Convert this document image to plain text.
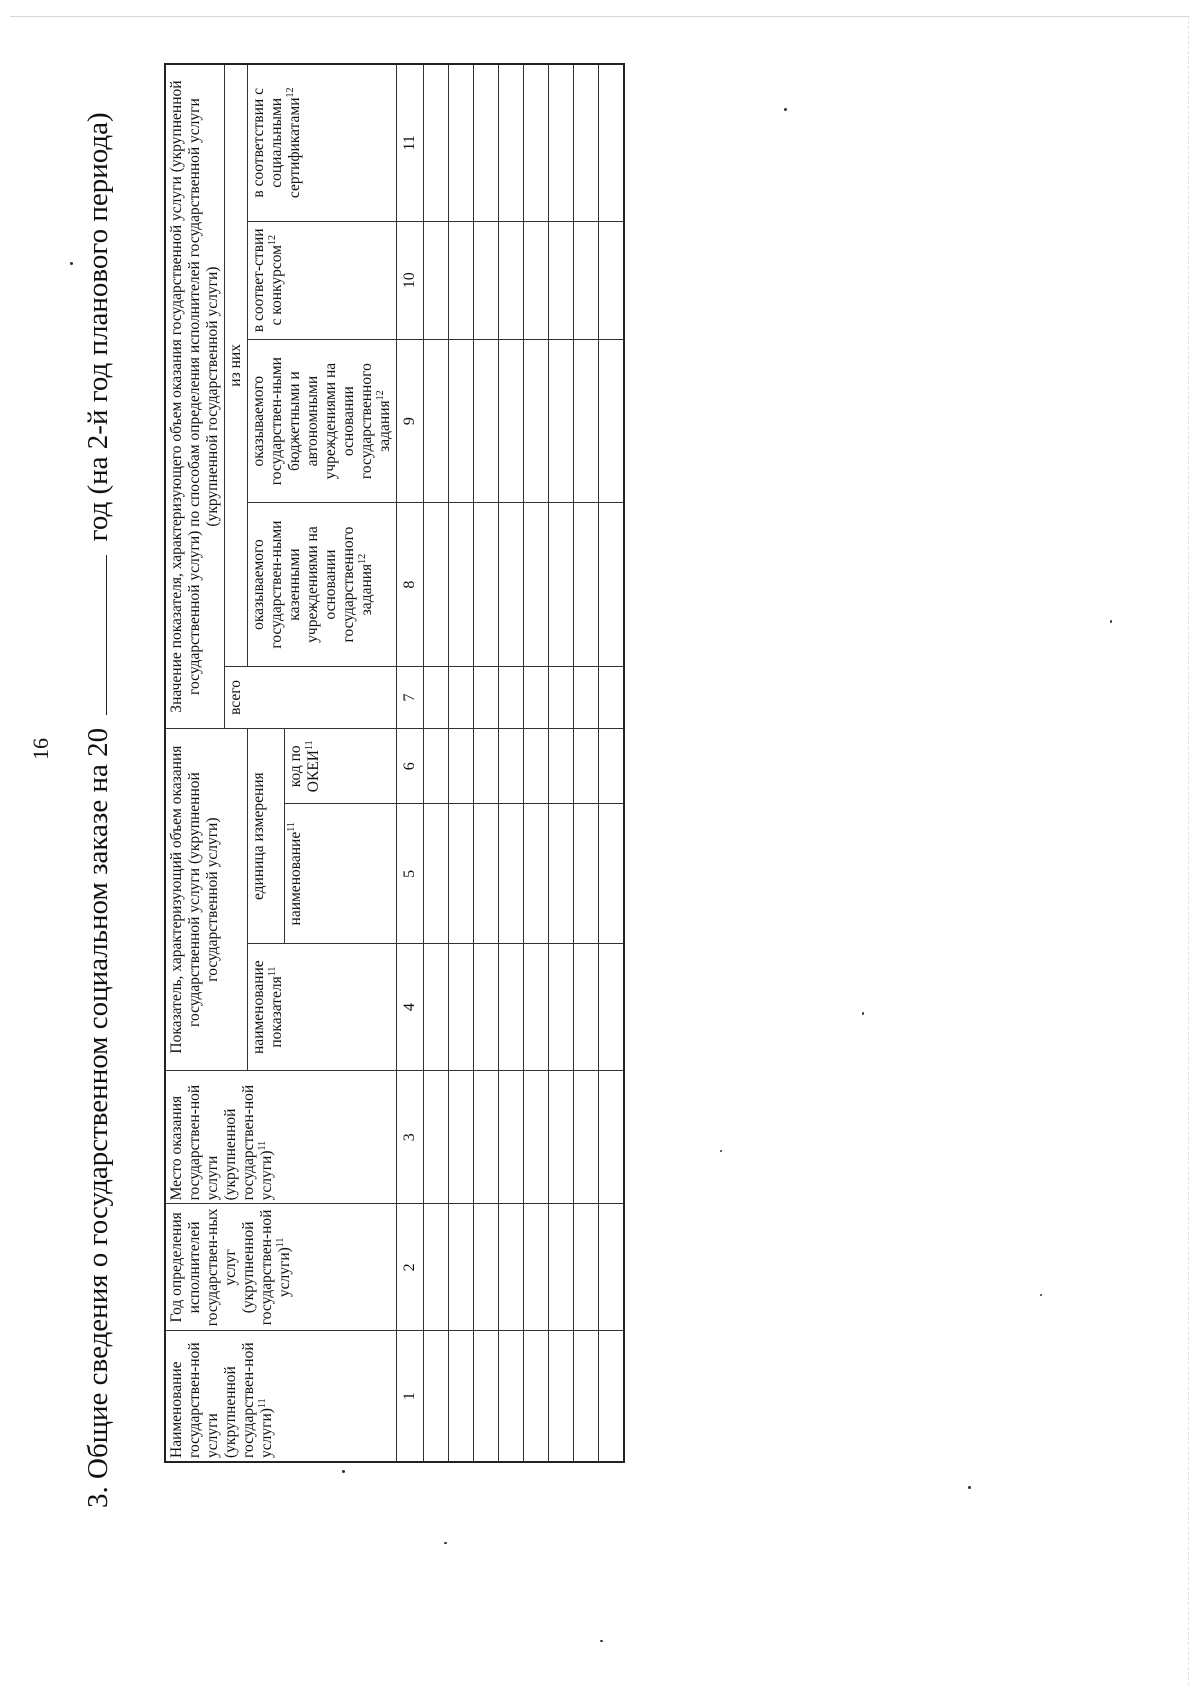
16 3. Общие сведения о государственном социальном заказе на 20  год (на 2-й год планового периода)
Наименование государствен-ной услуги (укрупненной государствен-ной услуги)$^{11}$	Год определения исполнителей государствен-ных услуг (укрупненной государствен-ной услуги)$^{11}$	Место оказания государствен-ной услуги (укрупненной государствен-ной услуги)$^{11}$	Показатель, характеризующий объем оказания государственной услуги (укрупненной государственной услуги)			Значение показателя, характеризующего объем оказания государственной услуги (укрупненной государственной услуги) по способам определения исполнителей государственной услуги (укрупненной государственной услуги)				
						всего	из них			
			наименование показателя$^{11}$	единица измерения			оказываемого государствен-ными казенными учреждениями на основании государственного задания$^{12}$	оказываемого государствен-ными бюджетными и автономными учреждениями на основании государственного задания$^{12}$	в соответ-ствии с конкурсом$^{12}$	в соответствии с социальными сертификатами$^{12}$
				наименование$^{11}$	код по ОКЕИ$^{11}$
1	2	3	4	5	6	7	8	9	10	11
